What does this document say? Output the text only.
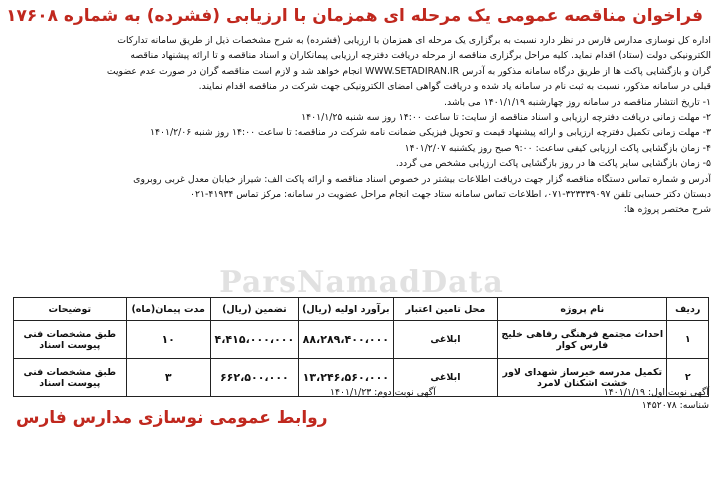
فراخوان مناقصه عمومی یک مرحله ای همزمان با ارزیابی (فشرده) به شماره ۱۷۶۰۸

اداره کل نوسازی مدارس فارس در نظر دارد نسبت به برگزاری یک مرحله ای همزمان با ارزیابی (فشرده) به شرح مشخصات ذیل از طریق سامانه تدارکات

الکترونیکی دولت (ستاد) اقدام نماید. کلیه مراحل برگزاری مناقصه از مرحله دریافت دفترچه ارزیابی پیمانکاران و اسناد مناقصه و تا ارائه پیشنهاد مناقصه

گران و بازگشایی پاکت ها از طریق درگاه سامانه مذکور به آدرس WWW.SETADIRAN.IR انجام خواهد شد و لازم است مناقصه گران در صورت عدم عضویت

قبلی در سامانه مذکور، نسبت به ثبت نام در سامانه یاد شده و دریافت گواهی امضای الکترونیکی جهت شرکت در مناقصه اقدام نمایند.

۱- تاریخ انتشار مناقصه در سامانه روز چهارشنبه ۱۴۰۱/۱/۱۹ می باشد.

۲- مهلت زمانی دریافت دفترچه ارزیابی و اسناد مناقصه از سایت: تا ساعت ۱۴:۰۰ روز سه شنبه ۱۴۰۱/۱/۲۵

۳- مهلت زمانی تکمیل دفترچه ارزیابی و ارائه پیشنهاد قیمت و تحویل فیزیکی ضمانت نامه شرکت در مناقصه: تا ساعت ۱۴:۰۰ روز شنبه ۱۴۰۱/۲/۰۶

۴- زمان بازگشایی پاکت ارزیابی کیفی ساعت: ۹:۰۰ صبح روز یکشنبه ۱۴۰۱/۲/۰۷

۵- زمان بازگشایی سایر پاکت ها در روز بازگشایی پاکت ارزیابی مشخص می گردد.

آدرس و شماره تماس دستگاه مناقصه گزار جهت دریافت اطلاعات بیشتر در خصوص اسناد مناقصه و ارائه پاکت الف: شیراز خیابان معدل غربی روبروی

دبستان دکتر حسابی تلفن ۳۲۳۳۳۹۰۹۷-۰۷۱، اطلاعات تماس سامانه ستاد جهت انجام مراحل عضویت در سامانه: مرکز تماس ۴۱۹۳۴-۰۲۱

شرح مختصر پروژه ها:

ParsNamadData
ردیف	نام پروژه	محل تامین اعتبار	برآورد اولیه (ریال)	تضمین (ریال)	مدت پیمان(ماه)	توضیحات
۱	احداث مجتمع فرهنگی رفاهی خلیج فارس کوار	ابلاغی	۸۸،۲۸۹،۴۰۰،۰۰۰	۴،۴۱۵،۰۰۰،۰۰۰	۱۰	طبق مشخصات فنی پیوست اسناد
۲	تکمیل مدرسه خیرساز شهدای لاور خشت اشکنان لامرد	ابلاغی	۱۳،۲۴۶،۵۶۰،۰۰۰	۶۶۲،۵۰۰،۰۰۰	۳	طبق مشخصات فنی پیوست اسناد
آگهی نوبت اول: ۱۴۰۱/۱/۱۹
شناسه: ۱۴۵۲۰۷۸
آگهی نوبت دوم: ۱۴۰۱/۱/۲۳
روابط عمومی نوسازی مدارس فارس
